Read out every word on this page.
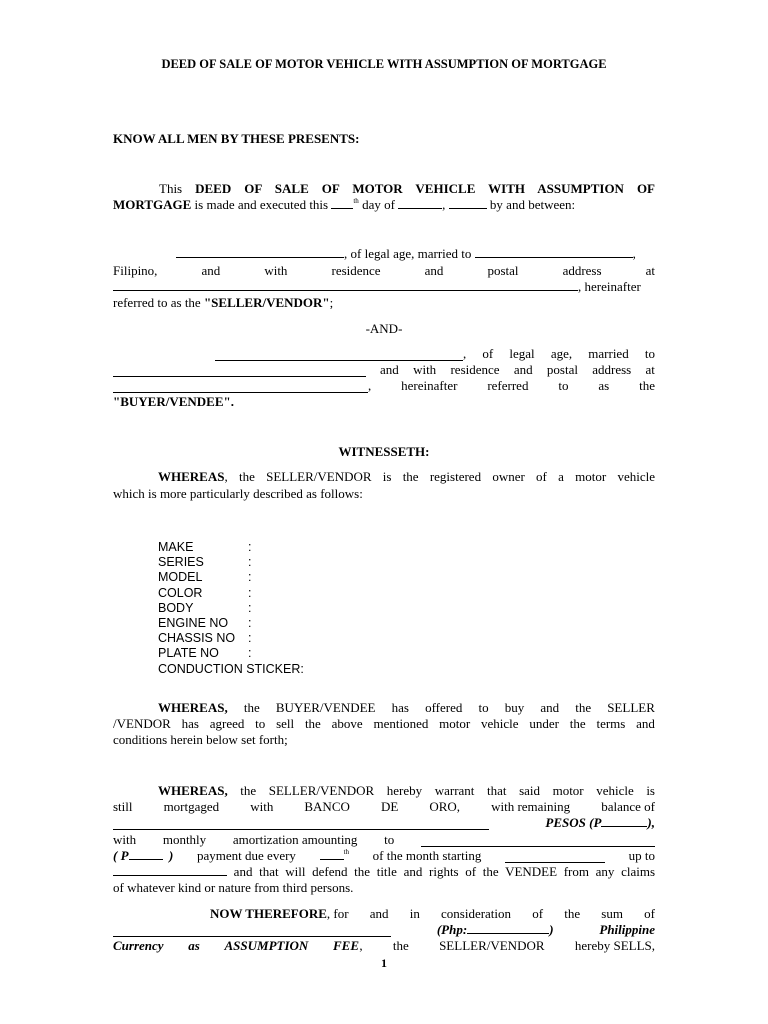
DEED OF SALE OF MOTOR VEHICLE WITH ASSUMPTION OF MORTGAGE
KNOW ALL MEN BY THESE PRESENTS:
This DEED OF SALE OF MOTOR VEHICLE WITH ASSUMPTION OF
MORTGAGE is made and executed this	$^{th}$ day of	,	by and between:
, of legal age, married to	,
Filipino,	and	with	residence	and	postal	address	at
, hereinafter
referred to as the "SELLER/VENDOR";
-AND-
, of legal age, married to
and with residence and postal address at
, hereinafter referred to as the
"BUYER/VENDEE".
WITNESSETH:
WHEREAS, the SELLER/VENDOR is the registered owner of a motor vehicle
which is more particularly described as follows:
MAKE	:
SERIES	:
MODEL	:
COLOR	:
BODY	:
ENGINE NO	:
CHASSIS NO	:
PLATE NO	:
CONDUCTION STICKER:
WHEREAS, the BUYER/VENDEE has offered to buy and the SELLER
/VENDOR has agreed to sell the above mentioned motor vehicle under the terms and
conditions herein below set forth;
WHEREAS, the SELLER/VENDOR hereby warrant that said motor vehicle is
still mortgaged with BANCO DE ORO, with remaining balance of
PESOS (P	),
with monthly amortization amounting to
( P	) payment due every	$^{th}$ of the month starting	up to
and that will defend the title and rights of the VENDEE from any claims
of whatever kind or nature from third persons.
NOW THEREFORE , for and in consideration of the sum of
(Php:	)	Philippine
Currency as ASSUMPTION FEE , the SELLER/VENDOR hereby SELLS,
1
